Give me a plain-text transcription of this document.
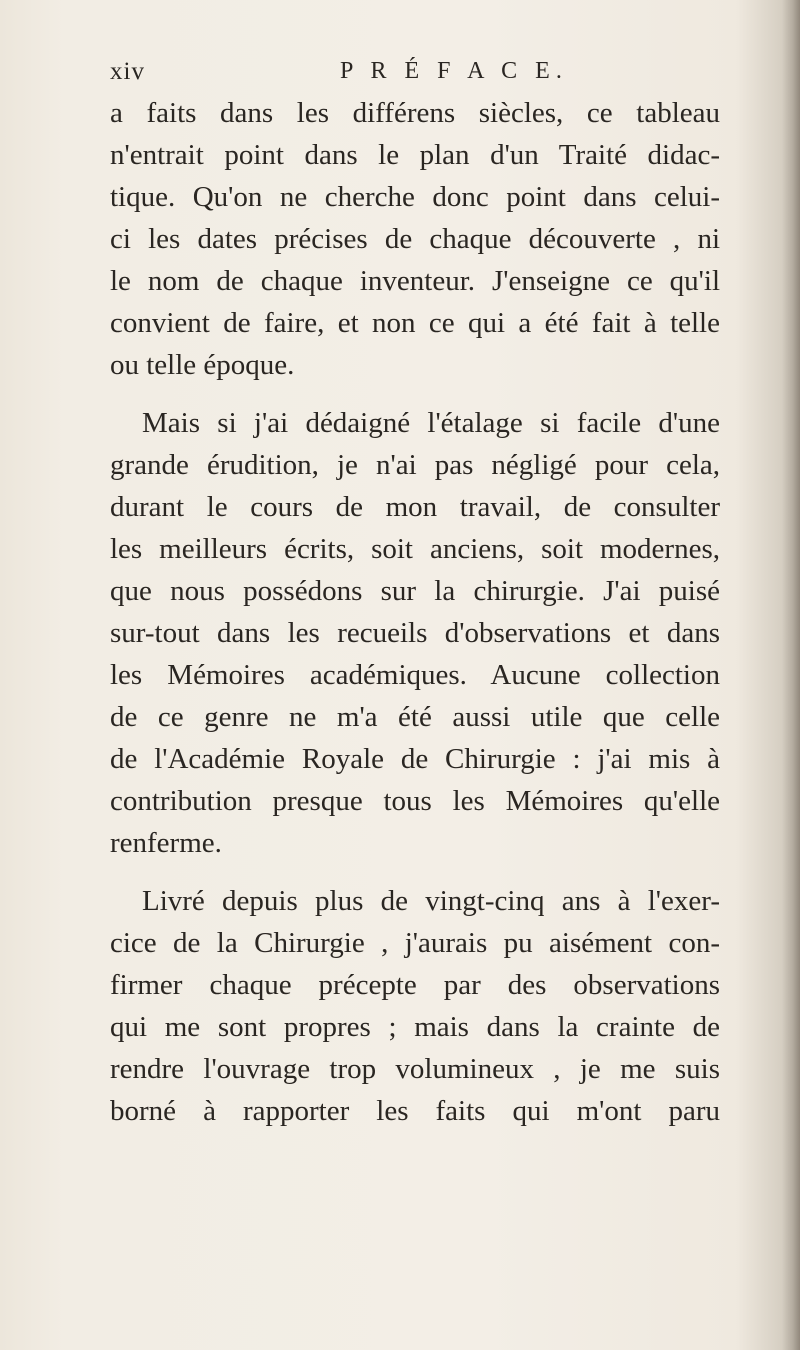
xiv	P R É F A C E.
a faits dans les différens siècles, ce tableau
n'entrait point dans le plan d'un Traité didac-
tique. Qu'on ne cherche donc point dans celui-
ci les dates précises de chaque découverte , ni
le nom de chaque inventeur. J'enseigne ce qu'il
convient de faire, et non ce qui a été fait à telle
ou telle époque.
Mais si j'ai dédaigné l'étalage si facile d'une
grande érudition, je n'ai pas négligé pour cela,
durant le cours de mon travail, de consulter
les meilleurs écrits, soit anciens, soit modernes,
que nous possédons sur la chirurgie. J'ai puisé
sur-tout dans les recueils d'observations et dans
les Mémoires académiques. Aucune collection
de ce genre ne m'a été aussi utile que celle
de l'Académie Royale de Chirurgie : j'ai mis à
contribution presque tous les Mémoires qu'elle
renferme.
Livré depuis plus de vingt-cinq ans à l'exer-
cice de la Chirurgie , j'aurais pu aisément con-
firmer chaque précepte par des observations
qui me sont propres ; mais dans la crainte de
rendre l'ouvrage trop volumineux , je me suis
borné à rapporter les faits qui m'ont paru
